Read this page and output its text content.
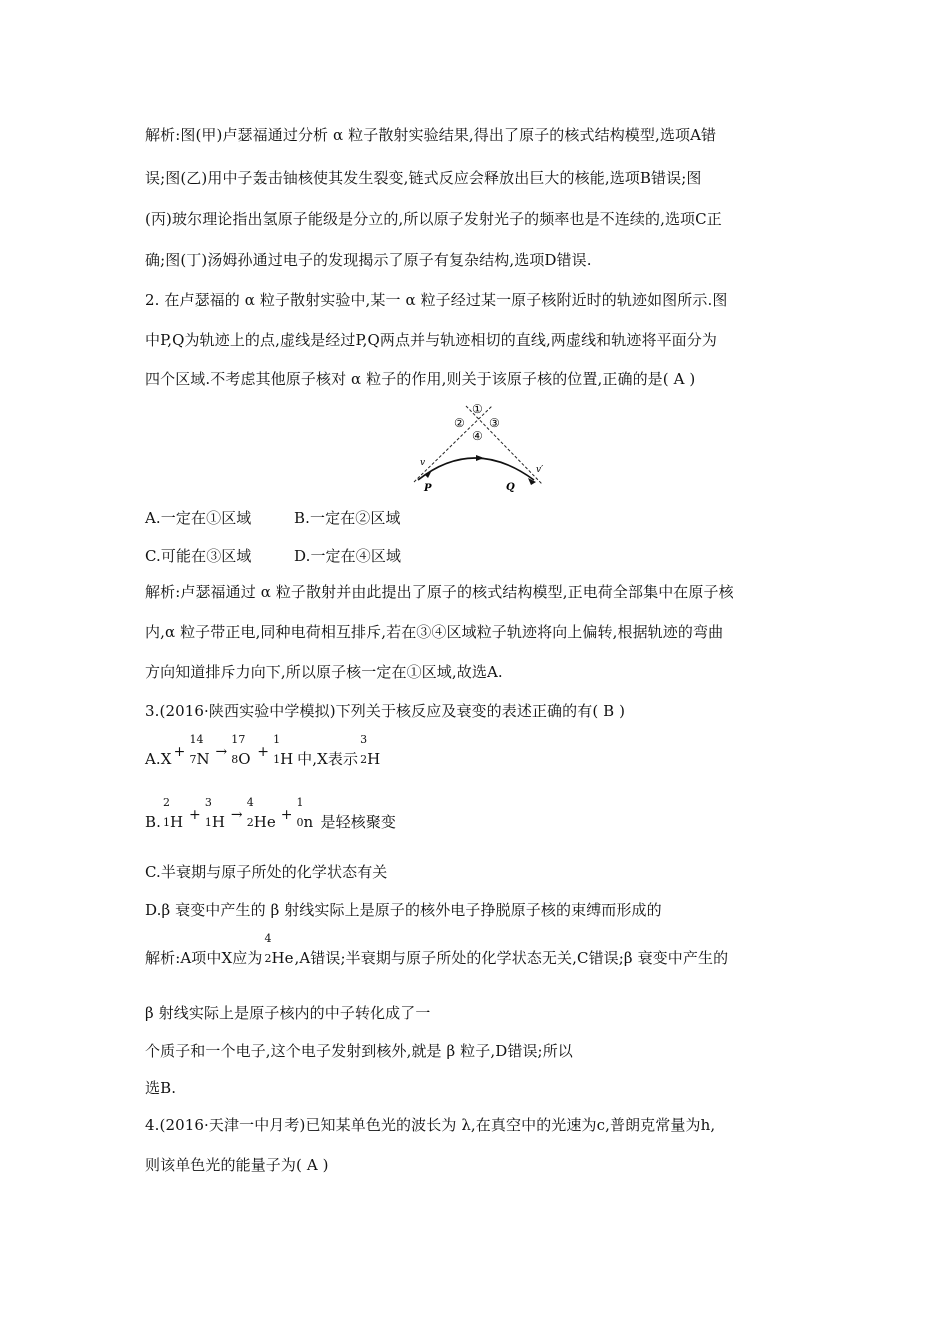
解析:图(甲)卢瑟福通过分析 α 粒子散射实验结果,得出了原子的核式结构模型,选项A错
误;图(乙)用中子轰击铀核使其发生裂变,链式反应会释放出巨大的核能,选项B错误;图
(丙)玻尔理论指出氢原子能级是分立的,所以原子发射光子的频率也是不连续的,选项C正
确;图(丁)汤姆孙通过电子的发现揭示了原子有复杂结构,选项D错误.
2. 在卢瑟福的 α 粒子散射实验中,某一 α 粒子经过某一原子核附近时的轨迹如图所示.图
中P,Q为轨迹上的点,虚线是经过P,Q两点并与轨迹相切的直线,两虚线和轨迹将平面分为
四个区域.不考虑其他原子核对 α 粒子的作用,则关于该原子核的位置,正确的是( A )
①
② ③
④
v
P	Q
v′
A.一定在①区域	B.一定在②区域
C.可能在③区域	D.一定在④区域
解析:卢瑟福通过 α 粒子散射并由此提出了原子的核式结构模型,正电荷全部集中在原子核
内,α 粒子带正电,同种电荷相互排斥,若在③④区域粒子轨迹将向上偏转,根据轨迹的弯曲
方向知道排斥力向下,所以原子核一定在①区域,故选A.
3.(2016·陕西实验中学模拟)下列关于核反应及衰变的表述正确的有( B )
A.X +
14
7 N →
17
8 O +
1
1 H 中,X表示
3
2 H
B.
2
1 H +
3
1 H →
4
2 He +
1
0 n 是轻核聚变
C.半衰期与原子所处的化学状态有关
D.β 衰变中产生的 β 射线实际上是原子的核外电子挣脱原子核的束缚而形成的
解析:A项中X应为
4
2 He ,A错误;半衰期与原子所处的化学状态无关,C错误;β 衰变中产生的
β 射线实际上是原子核内的中子转化成了一
个质子和一个电子,这个电子发射到核外,就是 β 粒子,D错误;所以
选B.
4.(2016·天津一中月考)已知某单色光的波长为 λ,在真空中的光速为c,普朗克常量为h,
则该单色光的能量子为( A )
